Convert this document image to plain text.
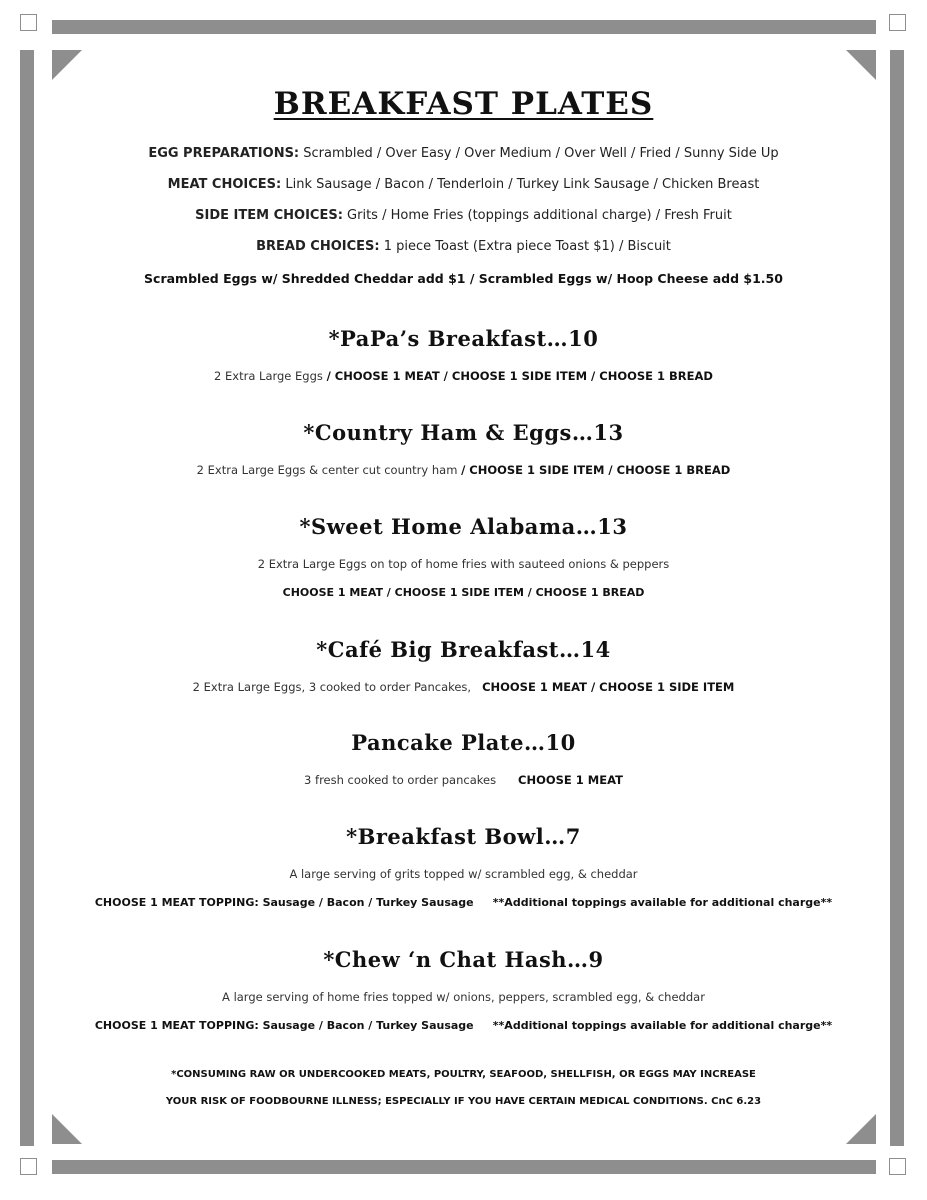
BREAKFAST PLATES
EGG PREPARATIONS: Scrambled / Over Easy / Over Medium / Over Well / Fried / Sunny Side Up
MEAT CHOICES: Link Sausage / Bacon / Tenderloin / Turkey Link Sausage / Chicken Breast
SIDE ITEM CHOICES: Grits / Home Fries (toppings additional charge) / Fresh Fruit
BREAD CHOICES: 1 piece Toast (Extra piece Toast $1) / Biscuit
Scrambled Eggs w/ Shredded Cheddar add $1 / Scrambled Eggs w/ Hoop Cheese add $1.50
*PaPa’s Breakfast…10
2 Extra Large Eggs / CHOOSE 1 MEAT / CHOOSE 1 SIDE ITEM / CHOOSE 1 BREAD
*Country Ham & Eggs…13
2 Extra Large Eggs & center cut country ham / CHOOSE 1 SIDE ITEM / CHOOSE 1 BREAD
*Sweet Home Alabama…13
2 Extra Large Eggs on top of home fries with sauteed onions & peppers
CHOOSE 1 MEAT / CHOOSE 1 SIDE ITEM / CHOOSE 1 BREAD
*Café Big Breakfast…14
2 Extra Large Eggs, 3 cooked to order Pancakes, CHOOSE 1 MEAT / CHOOSE 1 SIDE ITEM
Pancake Plate…10
3 fresh cooked to order pancakes CHOOSE 1 MEAT
*Breakfast Bowl…7
A large serving of grits topped w/ scrambled egg, & cheddar
CHOOSE 1 MEAT TOPPING: Sausage / Bacon / Turkey Sausage **Additional toppings available for additional charge**
*Chew ‘n Chat Hash…9
A large serving of home fries topped w/ onions, peppers, scrambled egg, & cheddar
CHOOSE 1 MEAT TOPPING: Sausage / Bacon / Turkey Sausage **Additional toppings available for additional charge**
*CONSUMING RAW OR UNDERCOOKED MEATS, POULTRY, SEAFOOD, SHELLFISH, OR EGGS MAY INCREASE
YOUR RISK OF FOODBOURNE ILLNESS; ESPECIALLY IF YOU HAVE CERTAIN MEDICAL CONDITIONS. CnC 6.23
